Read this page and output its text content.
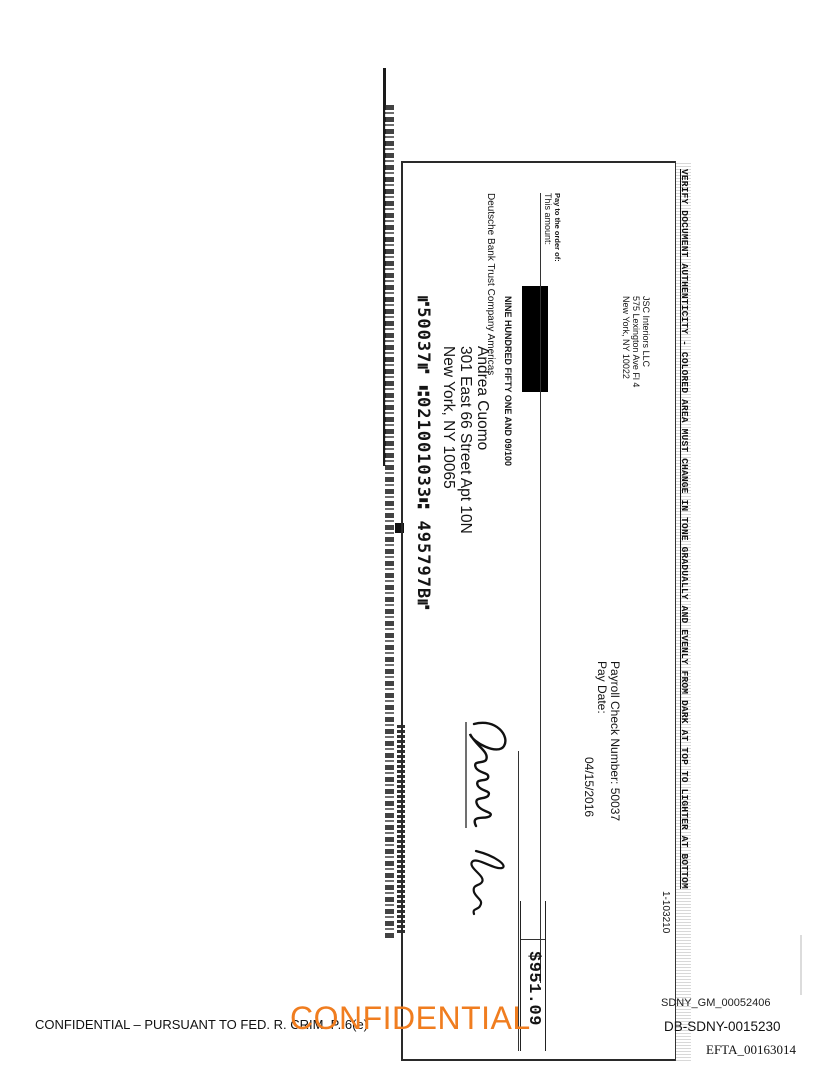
VERIFY DOCUMENT AUTHENTICITY - COLORED AREA MUST CHANGE IN TONE GRADUALLY AND EVENLY FROM DARK AT TOP TO LIGHTER AT BOTTOM
JSC Interiors LLC
575 Lexington Ave Fl 4
New York, NY 10022
1-103210
Payroll Check Number: 50037
Pay Date:
04/15/2016
Pay to the order of:
This amount:
NINE HUNDRED FIFTY ONE AND 09/100
$951.09
Deutsche Bank Trust Company Americas
Andrea Cuomo
301 East 66 Street Apt 10N
New York, NY 10065
⑈50037⑈ ⑆021001033⑆ 495797B⑈
CONFIDENTIAL – PURSUANT TO FED. R. CRIM. P. 6(e)
CONFIDENTIAL	SDNY_GM_00052406
DB-SDNY-0015230
EFTA_00163014
